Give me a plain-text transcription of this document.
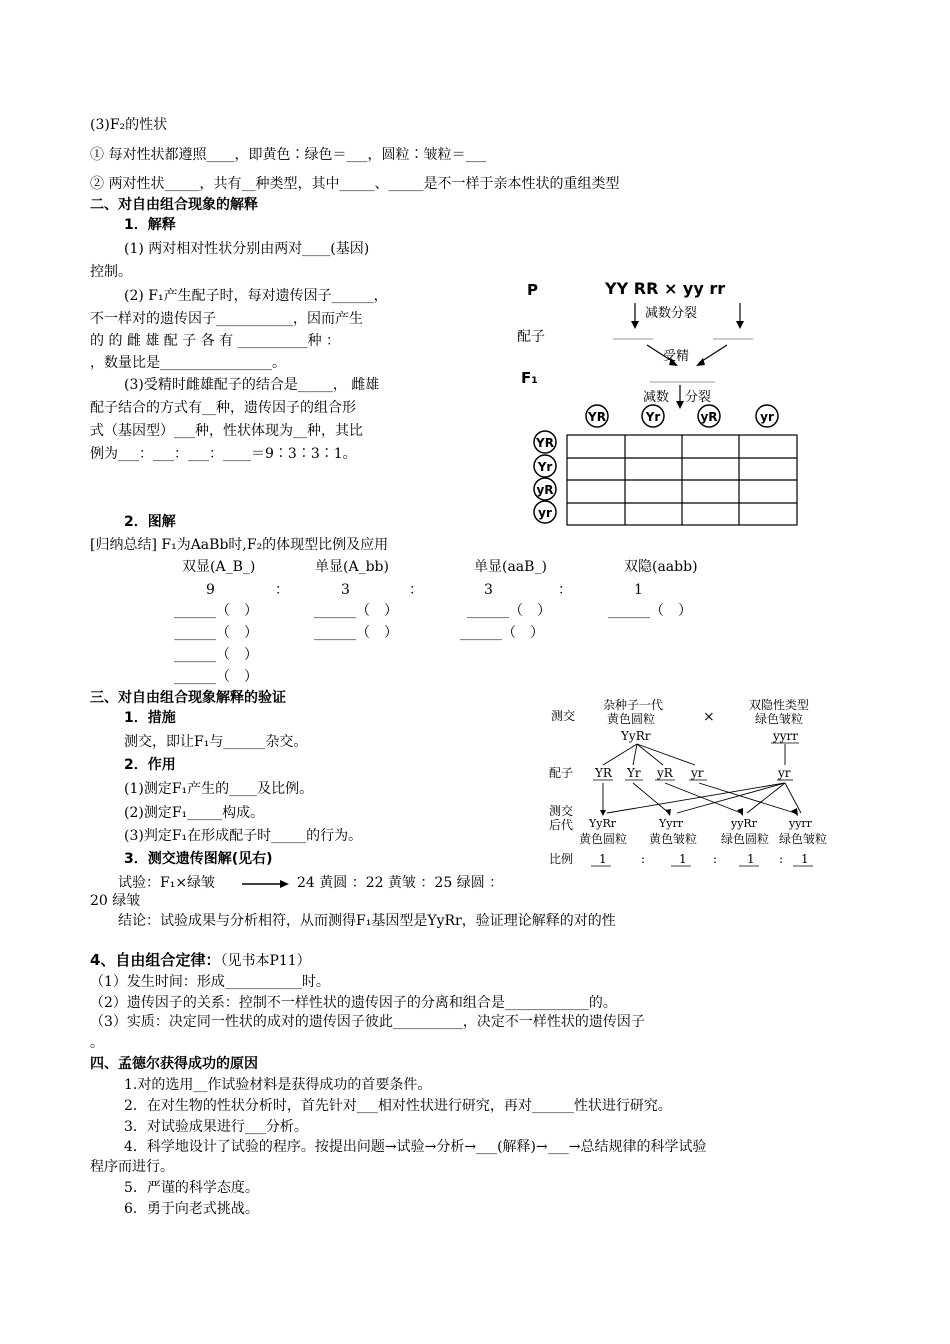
(3)F₂的性状
① 每对性状都遵照____，即黄色∶绿色＝___，圆粒∶皱粒＝___
② 两对性状_____，共有__种类型，其中_____、_____是不一样于亲本性状的重组类型
二、对自由组合现象的解释
1．解释
(1) 两对相对性状分别由两对____(基因)
控制。
(2) F₁产生配子时，每对遗传因子______，
不一样对的遗传因子___________，因而产生
的 的 雌 雄 配 子 各 有 __________种 ：
，数量比是________________。
(3)受精时雌雄配子的结合是_____， 雌雄
配子结合的方式有__种，遗传因子的组合形
式（基因型）___种，性状体现为__种，其比
例为___：___：___：____＝9∶3∶3∶1。
2．图解
[归纳总结] F₁为AaBb时,F₂的体现型比例及应用
双显(A_B_)	单显(A_bb)	单显(aaB_)	双隐(aabb)
9	：	3	：	3	：	1
______（　）	______（　）	______（　）	______（　）
______（　）	______（　）	______（　）
______（　）
______（　）
P	YY RR × yy rr
减数分裂
配子
受精
F₁
减数 分裂
YR	Yr	yR	yr
YR
Yr
yR
yr
三、对自由组合现象解释的验证
1．措施
测交，即让F₁与______杂交。
2．作用
(1)测定F₁产生的____及比例。
(2)测定F₁_____构成。
(3)判定F₁在形成配子时_____的行为。
3．测交遗传图解(见右)
试验：F₁×绿皱	24 黄圆 ：22 黄皱 ：25 绿圆 ：
20 绿皱
结论：试验成果与分析相符，从而测得F₁基因型是YyRr，验证理论解释的对的性
测交
杂种子一代
黄色圆粒	×
双隐性类型
绿色皱粒
YyRr	yyrr
配子 YR Yr yR yr	yr
测交
后代 YyRr	Yyrr	yyRr	yyrr
黄色圆粒 黄色皱粒 绿色圆粒 绿色皱粒
比例 1	:	1 : 1 : 1
4、自由组合定律：（见书本P11）
（1）发生时间：形成___________时。
（2）遗传因子的关系：控制不一样性状的遗传因子的分离和组合是____________的。
（3）实质：决定同一性状的成对的遗传因子彼此__________，决定不一样性状的遗传因子
。
四、孟德尔获得成功的原因
1.对的选用__作试验材料是获得成功的首要条件。
2．在对生物的性状分析时，首先针对___相对性状进行研究，再对______性状进行研究。
3．对试验成果进行___分析。
4．科学地设计了试验的程序。按提出问题→试验→分析→___(解释)→___→总结规律的科学试验
程序而进行。
5．严谨的科学态度。
6．勇于向老式挑战。
